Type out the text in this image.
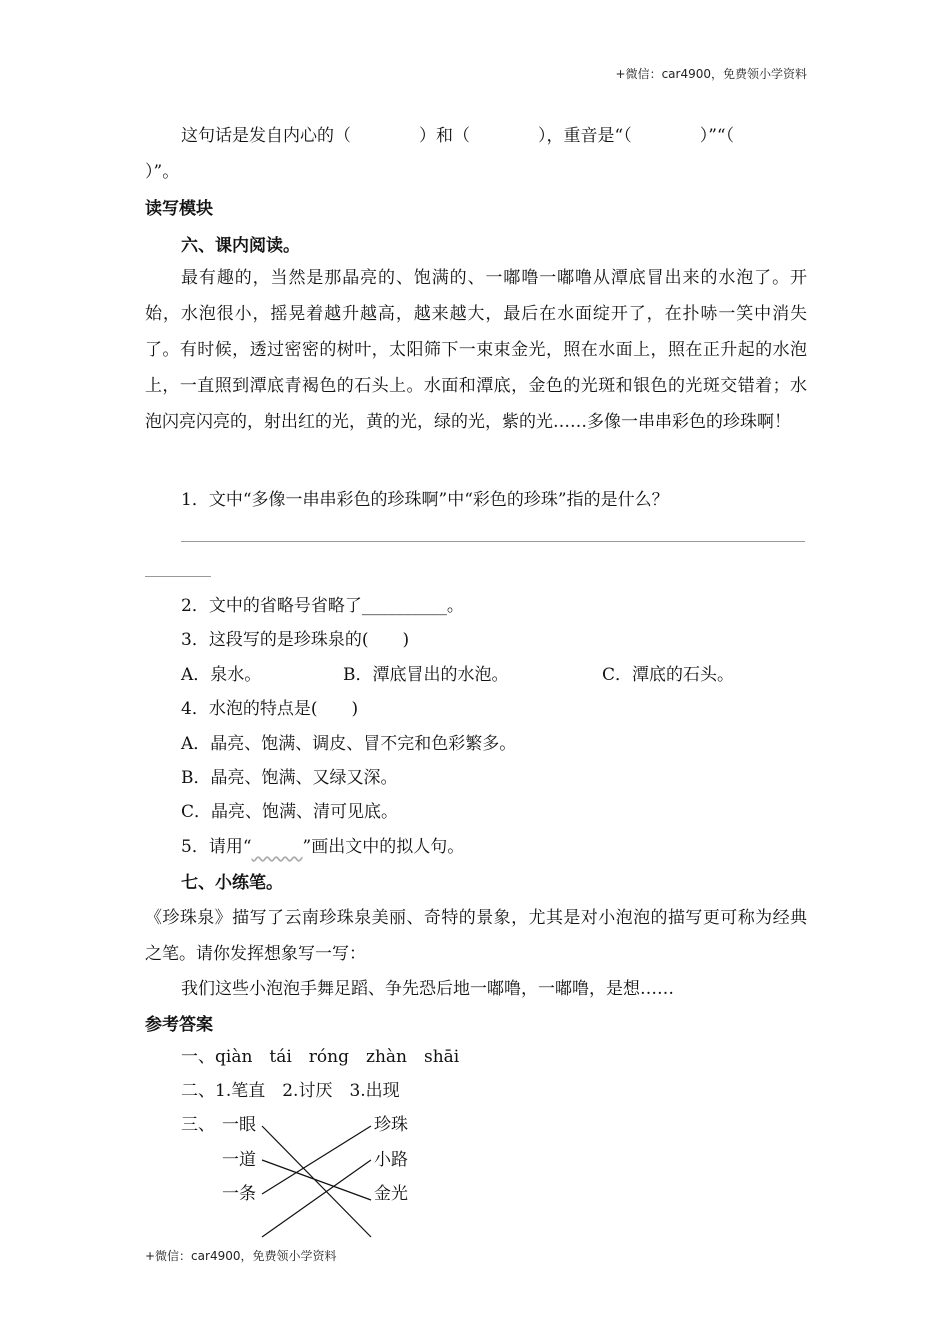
+微信：car4900，免费领小学资料
这句话是发自内心的（　　　　）和（　　　　），重音是“（　　　　）”“（
）”。
读写模块
六、课内阅读。
最有趣的，当然是那晶亮的、饱满的、一嘟噜一嘟噜从潭底冒出来的水泡了。开始，水泡很小，摇晃着越升越高，越来越大，最后在水面绽开了，在扑哧一笑中消失了。有时候，透过密密的树叶，太阳筛下一束束金光，照在水面上，照在正升起的水泡上，一直照到潭底青褐色的石头上。水面和潭底，金色的光斑和银色的光斑交错着；水泡闪亮闪亮的，射出红的光，黄的光，绿的光，紫的光……多像一串串彩色的珍珠啊！
1．文中“多像一串串彩色的珍珠啊”中“彩色的珍珠”指的是什么？
2．文中的省略号省略了__________。
3．这段写的是珍珠泉的(　　)
A．泉水。	B．潭底冒出的水泡。	C．潭底的石头。
4．水泡的特点是(　　)
A．晶亮、饱满、调皮、冒不完和色彩繁多。
B．晶亮、饱满、又绿又深。
C．晶亮、饱满、清可见底。
5．请用“	”画出文中的拟人句。
七、小练笔。
《珍珠泉》描写了云南珍珠泉美丽、奇特的景象，尤其是对小泡泡的描写更可称为经典之笔。请你发挥想象写一写：
我们这些小泡泡手舞足蹈、争先恐后地一嘟噜，一嘟噜，是想……
参考答案
一、qiàn　tái　róng　zhàn　shāi
二、1.笔直　2.讨厌　3.出现
三、 一眼
一道
一条
珍珠
小路
金光
+微信：car4900，免费领小学资料
